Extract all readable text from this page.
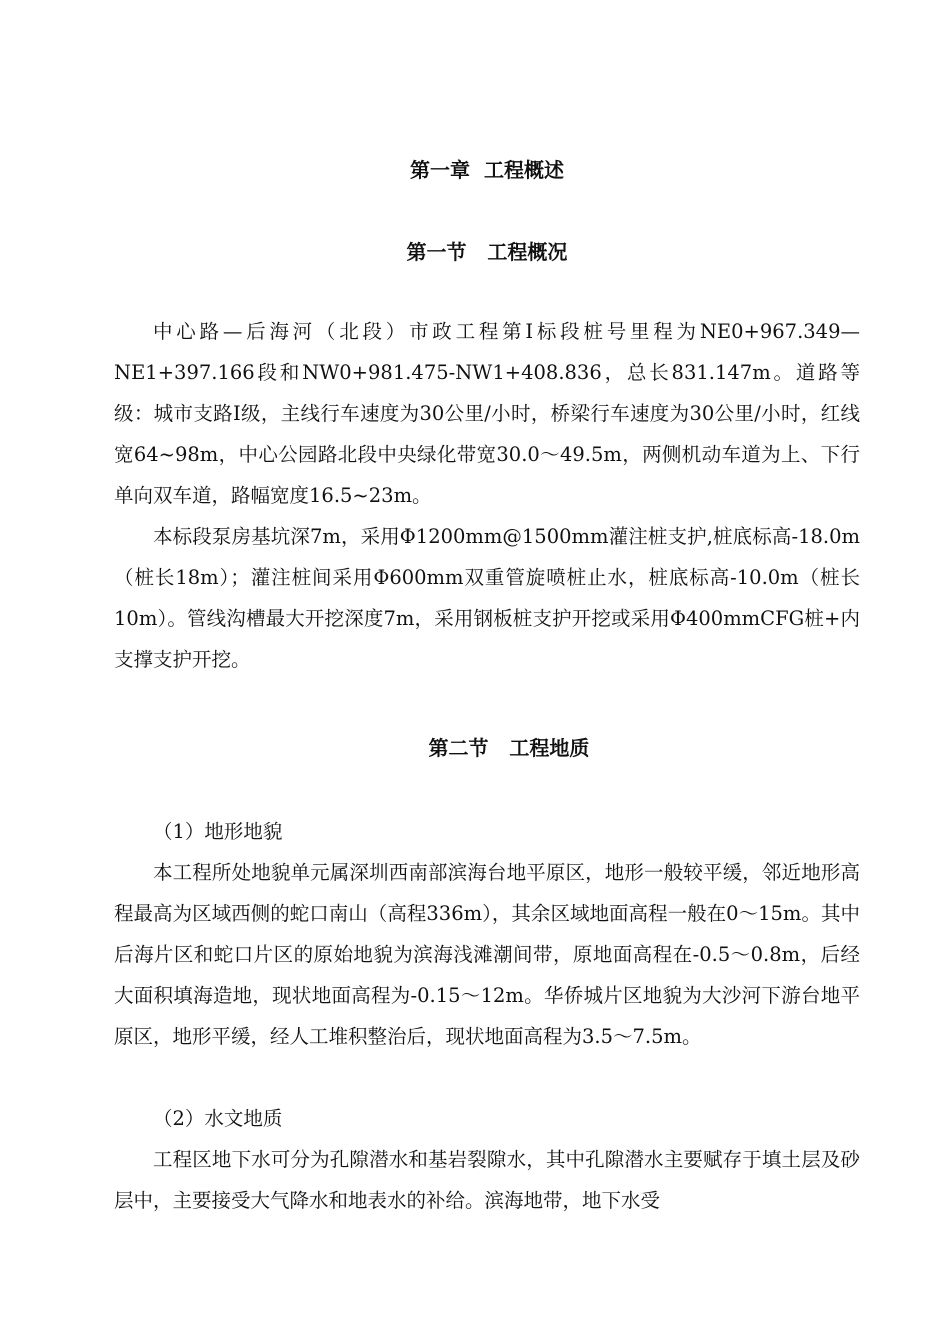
第一章  工程概述
第一节   工程概况

中心路—后海河（北段）市政工程第Ⅰ标段桩号里程为NE0+967.349—NE1+397.166段和NW0+981.475-NW1+408.836，总长831.147m。道路等级：城市支路Ⅰ级，主线行车速度为30公里/小时，桥梁行车速度为30公里/小时，红线宽64~98m，中心公园路北段中央绿化带宽30.0～49.5m，两侧机动车道为上、下行单向双车道，路幅宽度16.5~23m。

本标段泵房基坑深7m，采用Φ1200mm@1500mm灌注桩支护,桩底标高-18.0m（桩长18m）；灌注桩间采用Φ600mm双重管旋喷桩止水，桩底标高-10.0m（桩长10m）。管线沟槽最大开挖深度7m，采用钢板桩支护开挖或采用Φ400mmCFG桩+内支撑支护开挖。

第二节   工程地质

（1）地形地貌

本工程所处地貌单元属深圳西南部滨海台地平原区，地形一般较平缓，邻近地形高程最高为区域西侧的蛇口南山（高程336m），其余区域地面高程一般在0～15m。其中后海片区和蛇口片区的原始地貌为滨海浅滩潮间带，原地面高程在-0.5～0.8m，后经大面积填海造地，现状地面高程为-0.15～12m。华侨城片区地貌为大沙河下游台地平原区，地形平缓，经人工堆积整治后，现状地面高程为3.5～7.5m。

（2）水文地质

工程区地下水可分为孔隙潜水和基岩裂隙水，其中孔隙潜水主要赋存于填土层及砂层中，主要接受大气降水和地表水的补给。滨海地带，地下水受
